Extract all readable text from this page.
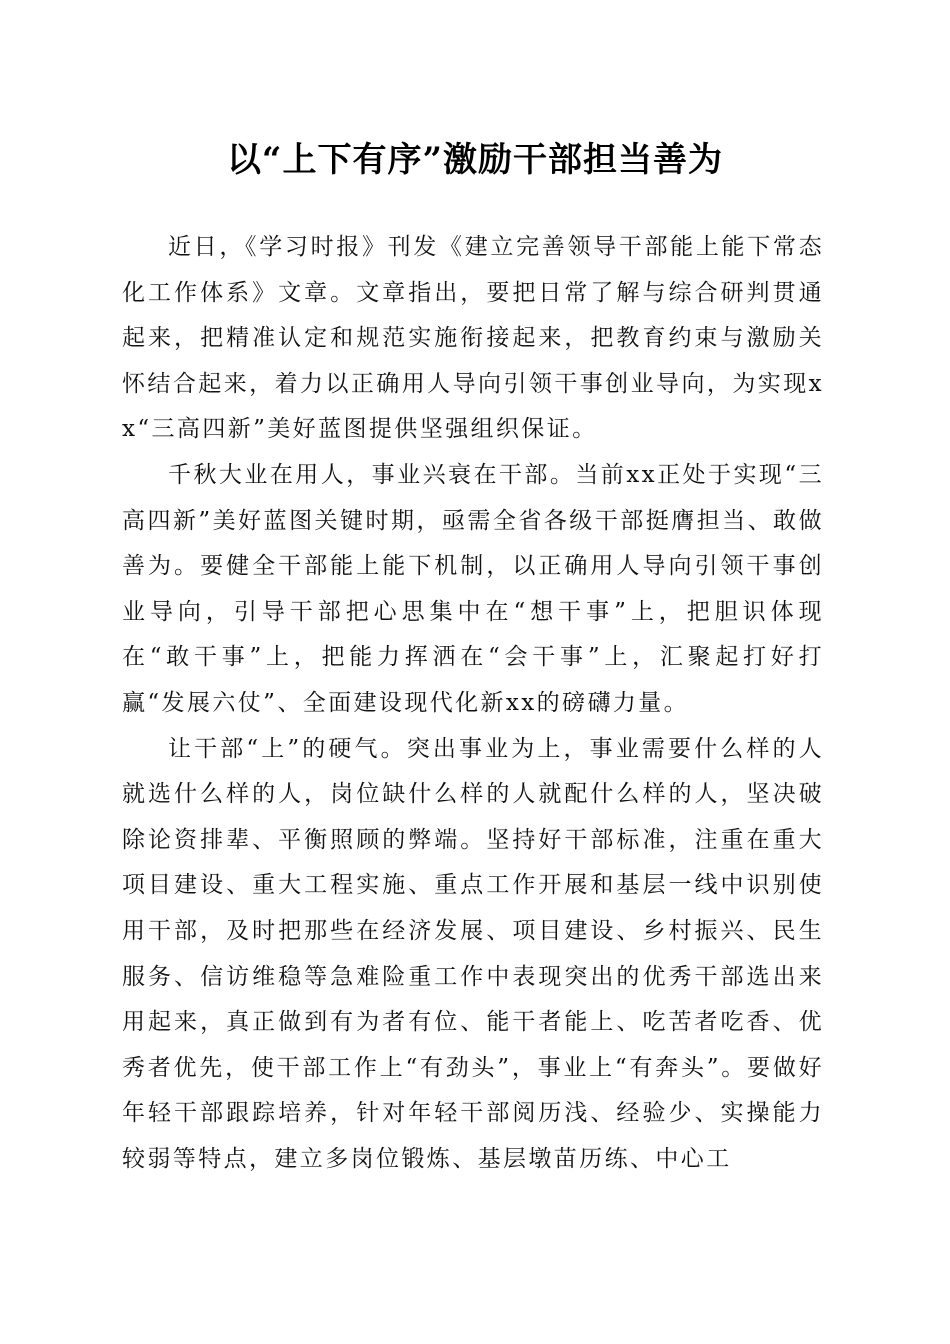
以“上下有序”激励干部担当善为

近日，《学习时报》刊发《建立完善领导干部能上能下常态化工作体系》文章。文章指出，要把日常了解与综合研判贯通起来，把精准认定和规范实施衔接起来，把教育约束与激励关怀结合起来，着力以正确用人导向引领干事创业导向，为实现xx“三高四新”美好蓝图提供坚强组织保证。

千秋大业在用人，事业兴衰在干部。当前xx正处于实现“三高四新”美好蓝图关键时期，亟需全省各级干部挺膺担当、敢做善为。要健全干部能上能下机制，以正确用人导向引领干事创业导向，引导干部把心思集中在“想干事”上，把胆识体现在“敢干事”上，把能力挥洒在“会干事”上，汇聚起打好打赢“发展六仗”、全面建设现代化新xx的磅礴力量。

让干部“上”的硬气。突出事业为上，事业需要什么样的人就选什么样的人，岗位缺什么样的人就配什么样的人，坚决破除论资排辈、平衡照顾的弊端。坚持好干部标准，注重在重大项目建设、重大工程实施、重点工作开展和基层一线中识别使用干部，及时把那些在经济发展、项目建设、乡村振兴、民生服务、信访维稳等急难险重工作中表现突出的优秀干部选出来用起来，真正做到有为者有位、能干者能上、吃苦者吃香、优秀者优先，使干部工作上“有劲头”，事业上“有奔头”。要做好年轻干部跟踪培养，针对年轻干部阅历浅、经验少、实操能力较弱等特点，建立多岗位锻炼、基层墩苗历练、中心工
